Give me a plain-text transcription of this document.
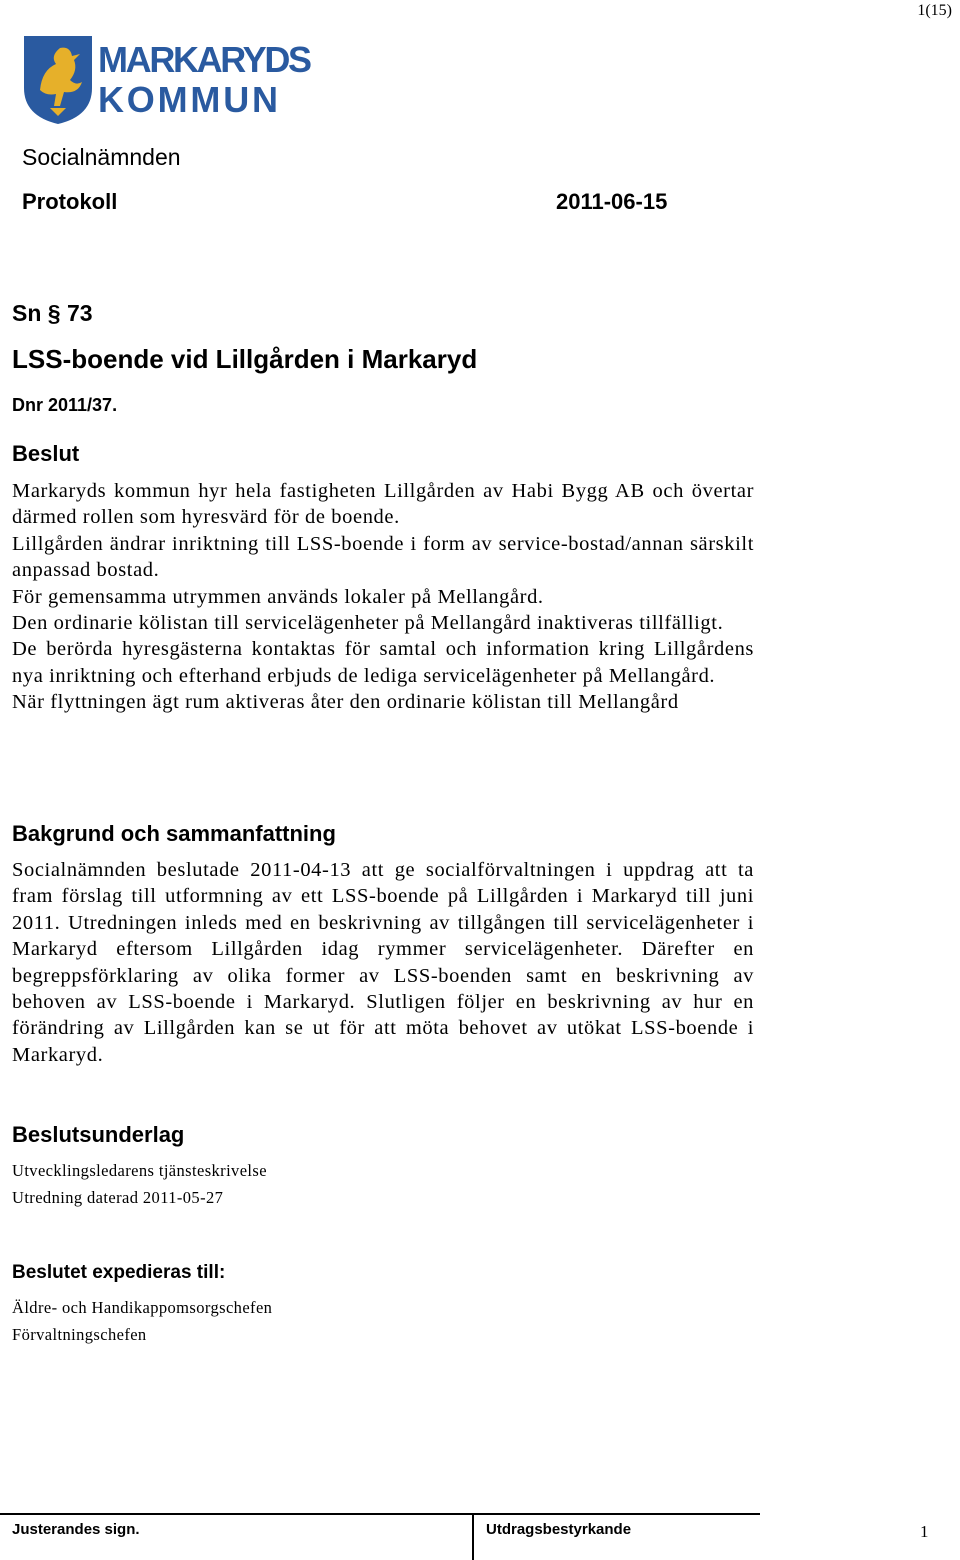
1(15)
MARKARYDS
KOMMUN
Socialnämnden
Protokoll	2011-06-15
Sn § 73
LSS-boende vid Lillgården i Markaryd
Dnr 2011/37.
Beslut

Markaryds kommun hyr hela fastigheten Lillgården av Habi Bygg AB och övertar därmed rollen som hyresvärd för de boende.

Lillgården ändrar inriktning till LSS-boende i form av service-bostad/annan särskilt anpassad bostad.

För gemensamma utrymmen används lokaler på Mellangård.

Den ordinarie kölistan till servicelägenheter på Mellangård inaktiveras tillfälligt.

De berörda hyresgästerna kontaktas för samtal och information kring Lillgårdens nya inriktning och efterhand erbjuds de lediga servicelägenheter på Mellangård.

När flyttningen ägt rum aktiveras åter den ordinarie kölistan till Mellangård

Bakgrund och sammanfattning

Socialnämnden beslutade 2011-04-13 att ge socialförvaltningen i uppdrag att ta fram förslag till utformning av ett LSS-boende på Lillgården i Markaryd till juni 2011. Utredningen inleds med en beskrivning av tillgången till servicelägenheter i Markaryd eftersom Lillgården idag rymmer servicelägenheter. Därefter en begreppsförklaring av olika former av LSS-boenden samt en beskrivning av behoven av LSS-boende i Markaryd. Slutligen följer en beskrivning av hur en förändring av Lillgården kan se ut för att möta behovet av utökat LSS-boende i Markaryd.

Beslutsunderlag
Utvecklingsledarens tjänsteskrivelse
Utredning daterad 2011-05-27
Beslutet expedieras till:
Äldre- och Handikappomsorgschefen
Förvaltningschefen
Justerandes sign.	Utdragsbestyrkande	1
